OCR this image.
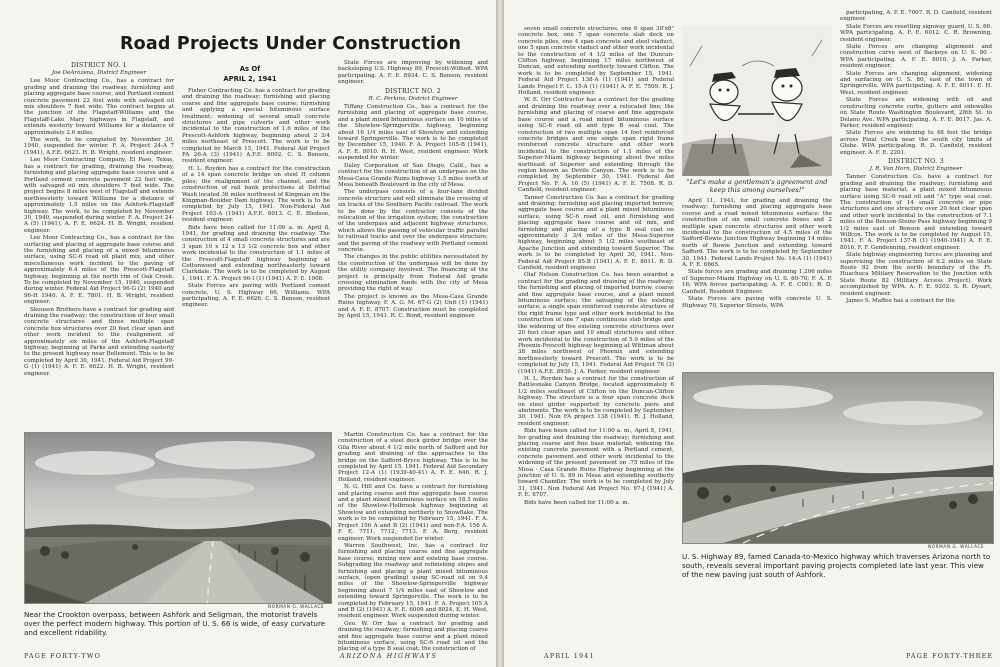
Road Projects Under Construction
DISTRICT NO. 1
Joe DeArozena, District Engineer

Lee Moor Contracting Co., has a contract for grading and draining the roadway, furnishing and placing aggregate base course, and Portland cement concrete pavement 22 feet wide with salvaged oil mix shoulders 7 feet wide. The contract begins at the junction of the Flagstaff-Williams and the Flagstaff-Lake Mary highways in Flagstaff, and extends westerly toward Williams for a distance of approximately 2.6 miles.

The work, to be completed by November 30, 1940, suspended for winter. F. A. Project 24-A 7 (1941), A.F.E. 6623. H. B. Wright, resident engineer.

Lee Moor Contracting Company, El Paso, Texas, has a contract for grading, draining the roadway, furnishing and placing aggregate base course and a Portland cement concrete pavement 22 feet wide, with salvaged oil mix shoulders 7 feet wide. The project begins 8 miles west of Flagstaff and extends northwesterly toward Williams for a distance of approximately 1.5 miles on the Ashfork-Flagstaff highway. The work, to be completed by November 30, 1940, suspended during winter. F. A. Project 24-A (5) (1941), A. F. E. 6624. H. B. Wright, resident engineer.

Lee Moor Contracting Co., has a contract for the surfacing and placing of aggregate base course and the furnishing and placing of a mixed bituminous surface, using SC-6 road oil plant mix, and other miscellaneous work incident to the paving of approximately 6.4 miles of the Prescott-Flagstaff highway, beginning at the north rim of Oak Creek. To be completed by November 15, 1940, suspended during winter. Federal Aid Project 96-G (2) 1940 and 96-H 1940. A. F. E. 7801. H. B. Wright, resident engineer.

Skousen Brothers have a contract for grading and draining the roadway; the construction of four small concrete structures and three multiple span concrete box structures over 20 feet clear span and other work incident to the realignment of approximately six miles of the Ashfork-Flagstaff highway, beginning at Parks and extending easterly to the present highway near Bellemont. This is to be completed by April 30, 1941. Federal Aid Project 99-G (1) (1941) A. F. E. 6622. H. B. Wright, resident engineer.

As Of
APRIL 2, 1941

Fisher Contracting Co. has a contract for grading and draining the roadway; furnishing and placing coarse and fine aggregate base course; furnishing and applying a special bituminous surface treatment; widening of several small concrete structures and pipe culverts and other work incidental to the construction of 1.6 miles of the Prescott-Ashfork highway, beginning about 2 3/4 miles northeast of Prescott. The work is to be completed by March 15, 1941. Federal Aid Project FA 26-A (3) (1941) A.F.E. 8002. C. S. Benson, resident engineer.

H. L. Royden has a contract for the construction of a 14 span concrete bridge on steel H column piles; the realignment of the channel, and the construction of rail bank protections at Detrital Wash located 36 miles northwest of Kingman on the Kingman-Boulder Dam highway. The work is to be completed by July 15, 1941. Non-Federal Aid Project 103-A (1941) A.F.E. 8013. C. E. Bledsoe, resident engineer.

Bids have been called for 11:00 a. m. April 8, 1941, for grading and draining the roadway. The construction of 4 small concrete structures and are 3 span 10 x 12 x 13 1/2 concrete box and other work incidental to the construction of 1.1 miles of the Prescott-Flagstaff highway beginning at Cottonwood and extending northeasterly toward Clarkdale. The work is to be completed by August 1, 1941. F. A. Project 96-I (1) (1941) A. F. E. 1908.

State Forces are paving with Portland cement concrete, U. S. Highway 66, Williams. WPA participating. A. F. E. 6626. C. S. Benson, resident engineer.

State Forces are improving by widening and backsloping U.S. Highway 89, Prescott-Wilhoit. WPA participating. A. F. E. 8934. C. S. Benson, resident engineer.

DISTRICT NO. 2
R. C. Perkins, District Engineer

Tiffany Construction Co., has a contract for the furnishing and placing of aggregate base course, and a plant mixed bituminous surface on 10 miles of the Showlow-Springerville highway, beginning about 16 1/4 miles east of Showlow and extending toward Springerville. The work is to be completed by December 15, 1940. F. A. Project 105-B (1941), A. F. E. 8010. R. H. West, resident engineer. Work suspended for winter.

Daley Corporation of San Diego, Calif., has a contract for the construction of an underpass on the Mesa-Casa Grande Ruins highway 1.5 miles north of Mesa beneath Boulevard in the city of Mesa.

The underpass consists of a four-lane divided concrete structure and will eliminate the crossing of six tracks of the Southern Pacific railroad. The work to be done by the contractor consists of the relocation of the irrigation system; the construction of the underpass and adjacent highway structures, which allows the passing of vehicular traffic parallel to railroad tracks and over the underpass structure; and the paving of the roadway with Portland cement concrete.

The changes in the public utilities necessitated by the construction of the underpass will be done by the utility company involved. The financing of the project is principally from Federal Aid grade crossing elimination funds with the city of Mesa providing the right of way.

The project is known as the Mesa-Casa Grande Ruins highway, F. A. G. M. 67-G (2) Unit (1) (1941) and A. F. E. 8707. Construction must be completed by April 15, 1941. R. C. Bond, resident engineer.

NORMAN G. WALLACE
Near the Crookton overpass, between Ashfork and Seligman, the motorist travels over the perfect modern highway. This portion of U. S. 66 is wide, of easy curvature and excellent ridability.

Martin Construction Co. has a contract for the construction of a steel deck girder bridge over the Gila River about 4 1/2 mile north of Safford and for grading and draining of the approaches to the bridge on the Safford-Bryce highway. This is to be completed by April 15, 1941. Federal Aid Secondary Project 12-A (1) (1939-40-41) A. F. E. 646. R. J. Holland, resident engineer.

N. G. Hill and Co. have a contract for furnishing and placing coarse and fine aggregate base course and a plant mixed bituminous surface on 18.5 miles of the Showlow-Holbrook highway beginning at Showlow and extending northerly to Snowflake. The work is to be completed by February 15, 1941. F. A. Project 156 A and B (2) (1941) and non-F.A. 156 A. F. E. 7711, 7712, 7713. F. A. Berg, resident engineer. Work suspended for winter.

Warren Southwest, Inc. has a contract for furnishing and placing coarse and fine aggregate base course; mixing new and existing base course. Subgrading the roadway and refinishing slopes and furnishing and placing a plant mixed bituminous surface, (open grading) using SC-road oil on 9.4 miles of the Showlow-Springerville highway beginning about 7 1/4 miles east of Showlow and extending toward Springerville. The work is to be completed by February 15, 1941. F. A. Project 105 A and B (2) (1941) A. F. E. 6009 and 8024, E. H. West, resident engineer. Work suspended during winter.

Geo. W. Orr has a contract for grading and draining the roadway; furnishing and placing coarse and fine aggregate base course and a plant mixed bituminous surface, using SC-6 road oil and the placing of a type B seal coat; the construction of

PAGE FORTY-TWO	ARIZONA HIGHWAYS

seven small concrete structures, one 6 span 30'x8" concrete box, one 7 span concrete slab deck on concrete piles, one 4 span concrete and steel viaduct, one 5 span concrete viaduct and other work incidental to the construction of 4 1/2 miles of the Duncan-Clifton highway, beginning 17 miles northwest of Duncan, and extending northerly toward Clifton. The work is to be completed by September 15, 1941. Federal Aid Project 138-A (1) (1941) and Federal Lands Project F. L. 15-A (1) (1941) A. F. E. 7509. R. J. Holland, resident engineer.

W. E. Orr Contractor has a contract for the grading and draining the roadway over a relocated line; the furnishing and placing of coarse and fine aggregate base course and a road mixed bituminous surface using SC-6 road oil and type B seal coat. The construction of two multiple span 14 foot reinforced concrete bridges and one single span rigid frame reinforced concrete structure and other work incidental to the construction of 1.1 miles of the Superior-Miami highway beginning about five miles northeast of Superior and extending through the region known as Devils Canyon. The work is to be completed by September 30, 1941. Federal Aid Project No. F. A. 16 (5) (1941) A. F. E. 7508. R. D. Canfield, resident engineer.

Tanner Construction Co. has a contract for grading and draining; furnishing and placing imported borrow, aggregate base course and a plant mixed bituminous surface, using SC-6 road oil, and furnishing and placing aggregate base course and oil mix, and furnishing and placing of a type B seal coat on approximately 3 3/4 miles of the Mesa-Superior highway, beginning about 5 1/2 miles southeast of Apache Junction and extending toward Superior. The work is to be completed by April 30, 1941. Non-Federal Aid Project 85-B (1941) A. F. E. 8011. R. D. Canfield, resident engineer.

Olaf Nelson Construction Co. has been awarded a contract for the grading and draining of the roadway; the furnishing and placing of imported borrow, coarse and fine aggregate base course, and a plant mixed bituminous surface; the salvaging of the existing surface; a single span reinforced concrete structure of the rigid frame type and other work incidental to the construction of one 7 span continuous slab bridge and the widening of five existing concrete structures over 20 feet clear span and 10 small structures and other work incidental to the construction of 5.9 miles of the Phoenix-Prescott highway beginning at Wittman about 38 miles northwest of Phoenix and extending northwesterly toward Prescott. The work is to be completed by July 15, 1941. Federal Aid Project 76 (3) (1941) A.F.E. 8939. J. A. Parker, resident engineer.

H. L. Royden has a contract for the construction of Rattlesnake Canyon Bridge, located approximately 6 1/2 miles southeast of Clifton on the Duncan-Clifton highway. The structure is a four span concrete deck on steel girder supported by concrete piers and abutments. The work is to be completed by September 30, 1941. Non FA project 138 (1941). R. J. Holland, resident engineer.

Bids have been called for 11:00 a. m., April 8, 1941, for grading and draining the roadway; furnishing and placing coarse and fine base material; widening the existing concrete pavement with a Portland cement, concrete pavement and other work incidental to the widening of the present pavement on .75 miles of the Mesa - Casa Grande Ruins Highway beginning at the junction of U. S. 89 in Mesa and extending southerly toward Chandler. The work is to be completed by July 31, 1941. Non Federal Aid Project No. 97-J (1941) A. F. E. 8707.

Bids have been called for 11:00 a. m.

"Let's make a gentleman's agreement and keep this among ourselves!"

April 11, 1941, for grading and draining the roadway; furnishing and placing aggregate base course and a road mixed bituminous surface: the construction of six small concrete boxes and 2 multiple span concrete structures and other work incidental to the construction of 4.5 miles of the Safford-Bowie Junction Highway beginning 14 miles north of Bowie Junction and extending toward Safford. The work is to be completed by September 30, 1941. Federal Lands Project No. 14-A (1) (1941) A. F. E. 6665.

State forces are grading and draining 1,206 miles of Superior-Miami Highway on U. S. 60-70; F. A. P. 16; WPA forces participating, A. F. E. C001; R. D. Canfield, Resident Engineer.

State Forces are paving with concrete U. S. Highway 70, Superior Streets, WPA

participating, A. F. E. 7007. R. D. Canfield, resident engineer.

State Forces are resetting signway guard, U. S. 60. WPA participating. A. F. E. 6012. C. R. Browning, resident engineer.

State Forces are changing alignment and construction curve west of Backeye on U. S. 80 - WPA participating. A. F. E. 8010. J. A. Parker, resident engineer.

State Forces are changing alignment, widening and surfacing on U. S. 80, east of the town of Springerville. WPA participating. A. F. E. 6011. E. H. West, resident engineer.

State Forces are widening with oil and constructing concrete curbs, gutters and sidewalks on State Route Washington Boulevard, 28th St. to Delano Ave. WPA participating. A. F. E. 8017. Jas. A. Parker, resident engineer.

State Forces are widening to 48 feet the bridge across Pinal Creek near the south city limits of Globe. WPA participating. R. D. Canfield, resident engineer. A. F. E. 2201.

DISTRICT NO. 3
J. R. Van Horn, District Engineer

Tanner Construction Co. have a contract for grading and draining the roadway; furnishing and placing base material, a plant mixed bituminous surface using SC-6 road oil and "A" type seal coat. The construction of 14 small concrete or pipe structures and one structure over 20 feet clear span and other work incidental to the construction of 7.1 miles of the Benson-Steins Pass highway beginning 9 1/2 miles east of Benson and extending toward Willcox. The work is to be completed by August 15, 1941. F. A. Project 137-B (1) (1940-1941) A. F. E. 8016. F. F. Gendenning, resident engineer.

State highway engineering forces are planning and supervising the construction of 6.2 miles on State Route 92 from the north boundary of the Ft. Huachuca Military Reservation to the Junction with State Route 82 (Military Access Project). Work accomplished by WPA. A. F. E. 9202. S. R. Dysart, resident engineer.

James S. Maffeo has a contract for the

NORMAN G. WALLACE
U. S. Highway 89, famed Canada-to-Mexico highway which traverses Arizona north to south, reveals several important paving projects completed late last year. This view of the new paving just south of Ashfork.
APRIL 1941	PAGE FORTY-THREE
